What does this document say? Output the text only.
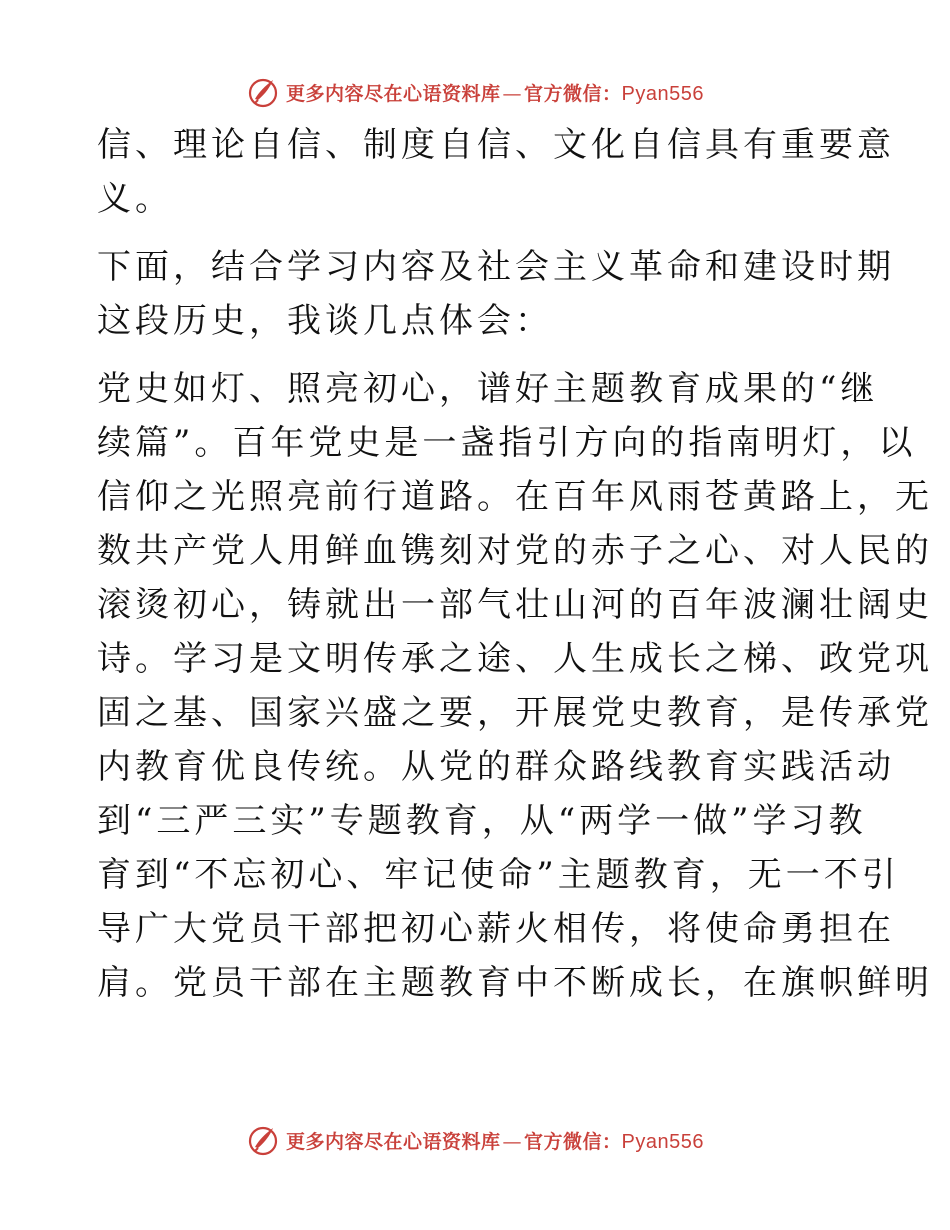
更多内容尽在心语资料库 — 官方微信：Pyan556

信、理论自信、制度自信、文化自信具有重要意
义。

下面，结合学习内容及社会主义革命和建设时期
这段历史，我谈几点体会：

党史如灯、照亮初心，谱好主题教育成果的“继
续篇”。百年党史是一盏指引方向的指南明灯，以
信仰之光照亮前行道路。在百年风雨苍黄路上，无
数共产党人用鲜血镌刻对党的赤子之心、对人民的
滚烫初心，铸就出一部气壮山河的百年波澜壮阔史
诗。学习是文明传承之途、人生成长之梯、政党巩
固之基、国家兴盛之要，开展党史教育，是传承党
内教育优良传统。从党的群众路线教育实践活动
到“三严三实”专题教育，从“两学一做”学习教
育到“不忘初心、牢记使命”主题教育，无一不引
导广大党员干部把初心薪火相传，将使命勇担在
肩。党员干部在主题教育中不断成长，在旗帜鲜明

更多内容尽在心语资料库 — 官方微信：Pyan556
